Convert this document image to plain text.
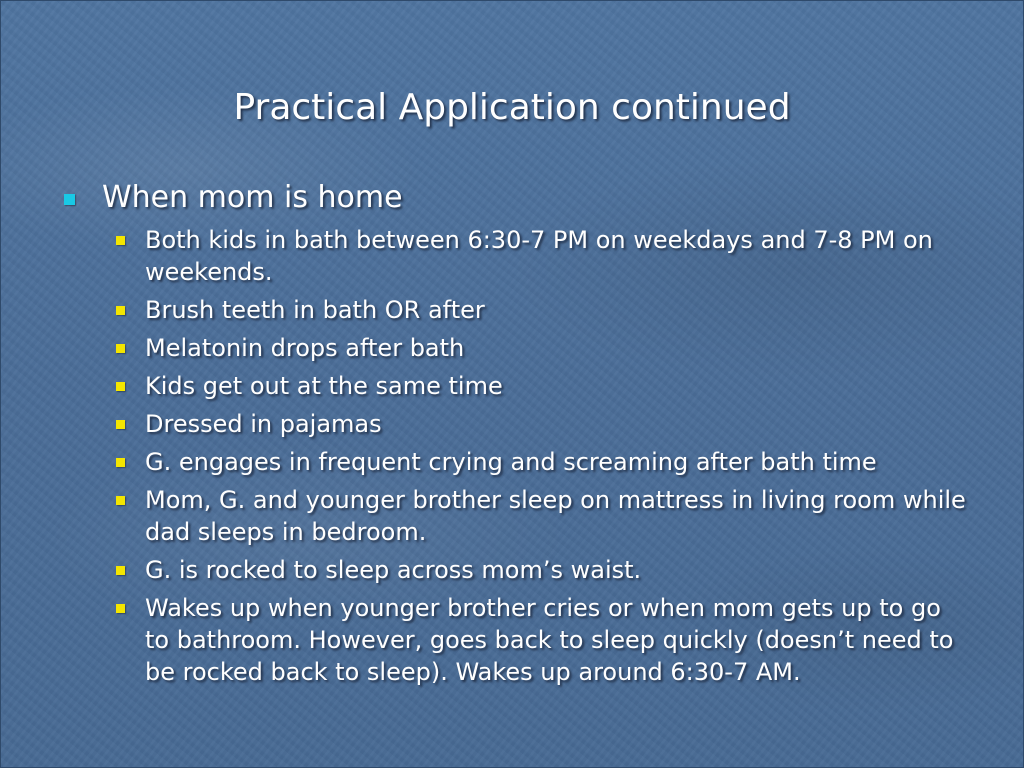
Practical Application continued
When mom is home
Both kids in bath between 6:30-7 PM on weekdays and 7-8 PM on weekends.
Brush teeth in bath OR after
Melatonin drops after bath
Kids get out at the same time
Dressed in pajamas
G. engages in frequent crying and screaming after bath time
Mom, G. and younger brother sleep on mattress in living room while dad sleeps in bedroom.
G. is rocked to sleep across mom’s waist.
Wakes up when younger brother cries or when mom gets up to go to bathroom. However, goes back to sleep quickly (doesn’t need to be rocked back to sleep). Wakes up around 6:30-7 AM.
